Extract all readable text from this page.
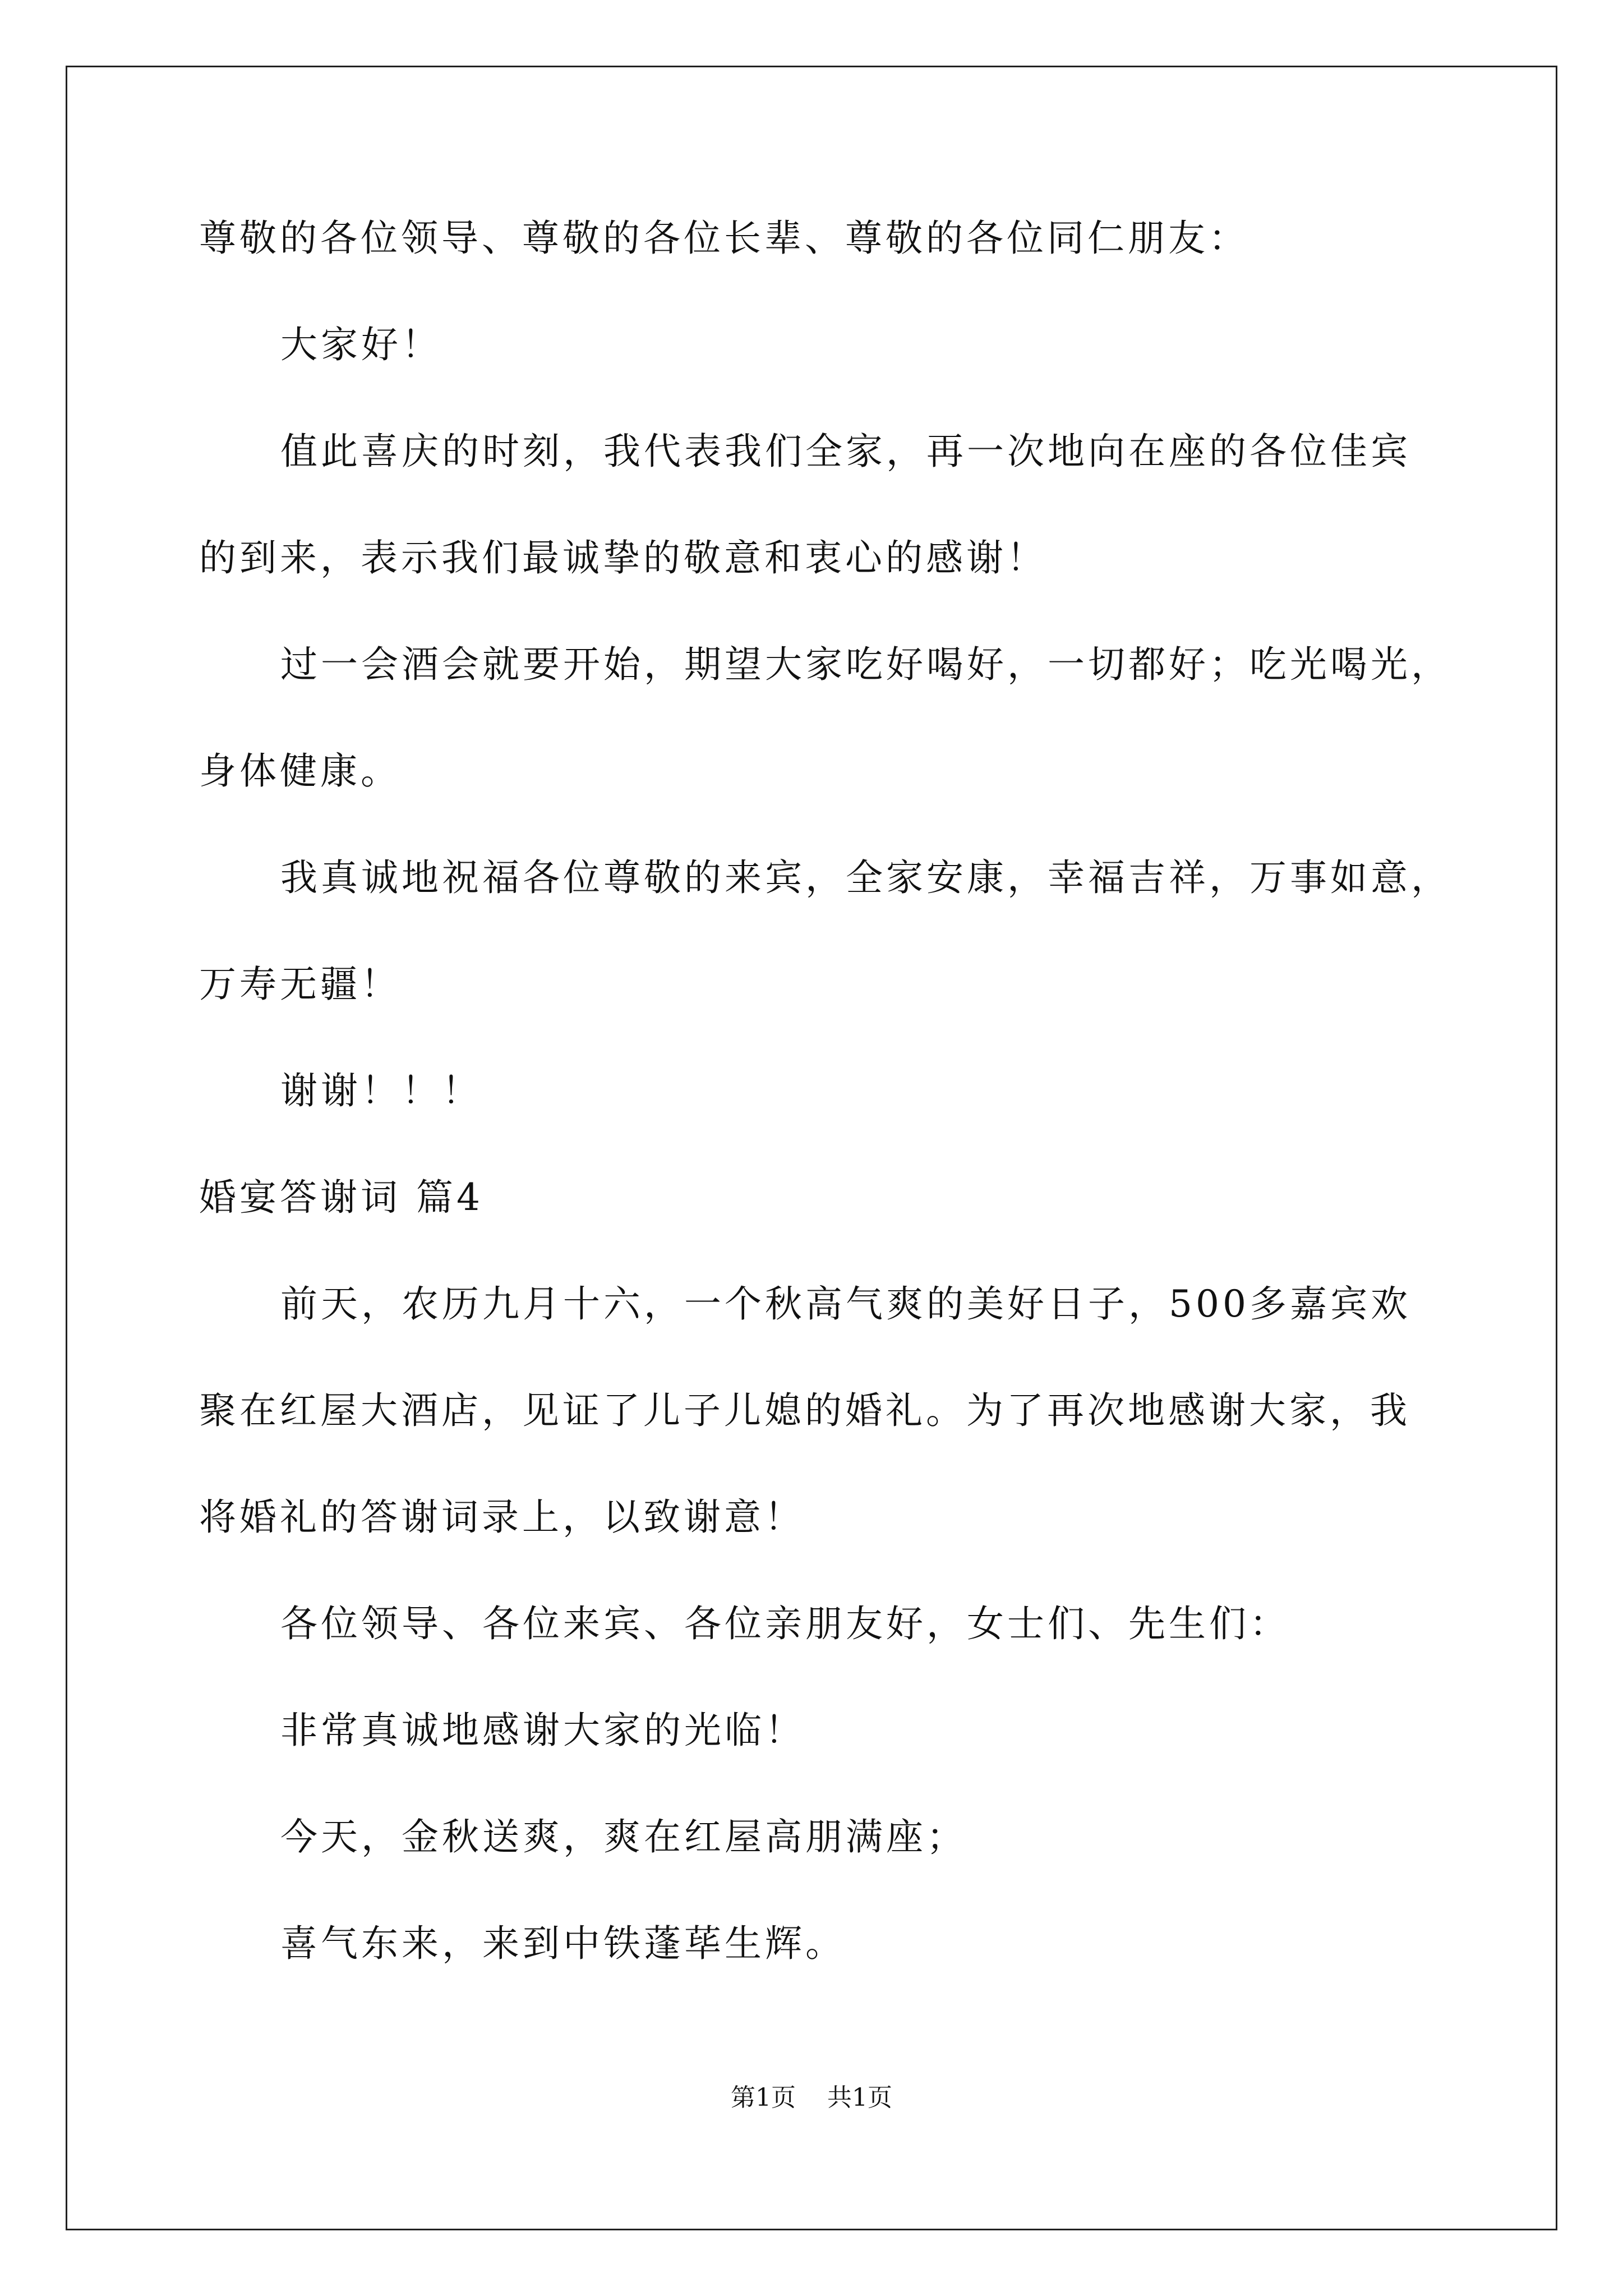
尊敬的各位领导、尊敬的各位长辈、尊敬的各位同仁朋友：
大家好！
值此喜庆的时刻，我代表我们全家，再一次地向在座的各位佳宾
的到来，表示我们最诚挚的敬意和衷心的感谢！
过一会酒会就要开始，期望大家吃好喝好，一切都好；吃光喝光，
身体健康。
我真诚地祝福各位尊敬的来宾，全家安康，幸福吉祥，万事如意，
万寿无疆！
谢谢！！！
婚宴答谢词 篇4
前天，农历九月十六，一个秋高气爽的美好日子，500多嘉宾欢
聚在红屋大酒店，见证了儿子儿媳的婚礼。为了再次地感谢大家，我
将婚礼的答谢词录上，以致谢意！
各位领导、各位来宾、各位亲朋友好，女士们、先生们：
非常真诚地感谢大家的光临！
今天，金秋送爽，爽在红屋高朋满座；
喜气东来，来到中铁蓬荜生辉。
第1页 共1页
